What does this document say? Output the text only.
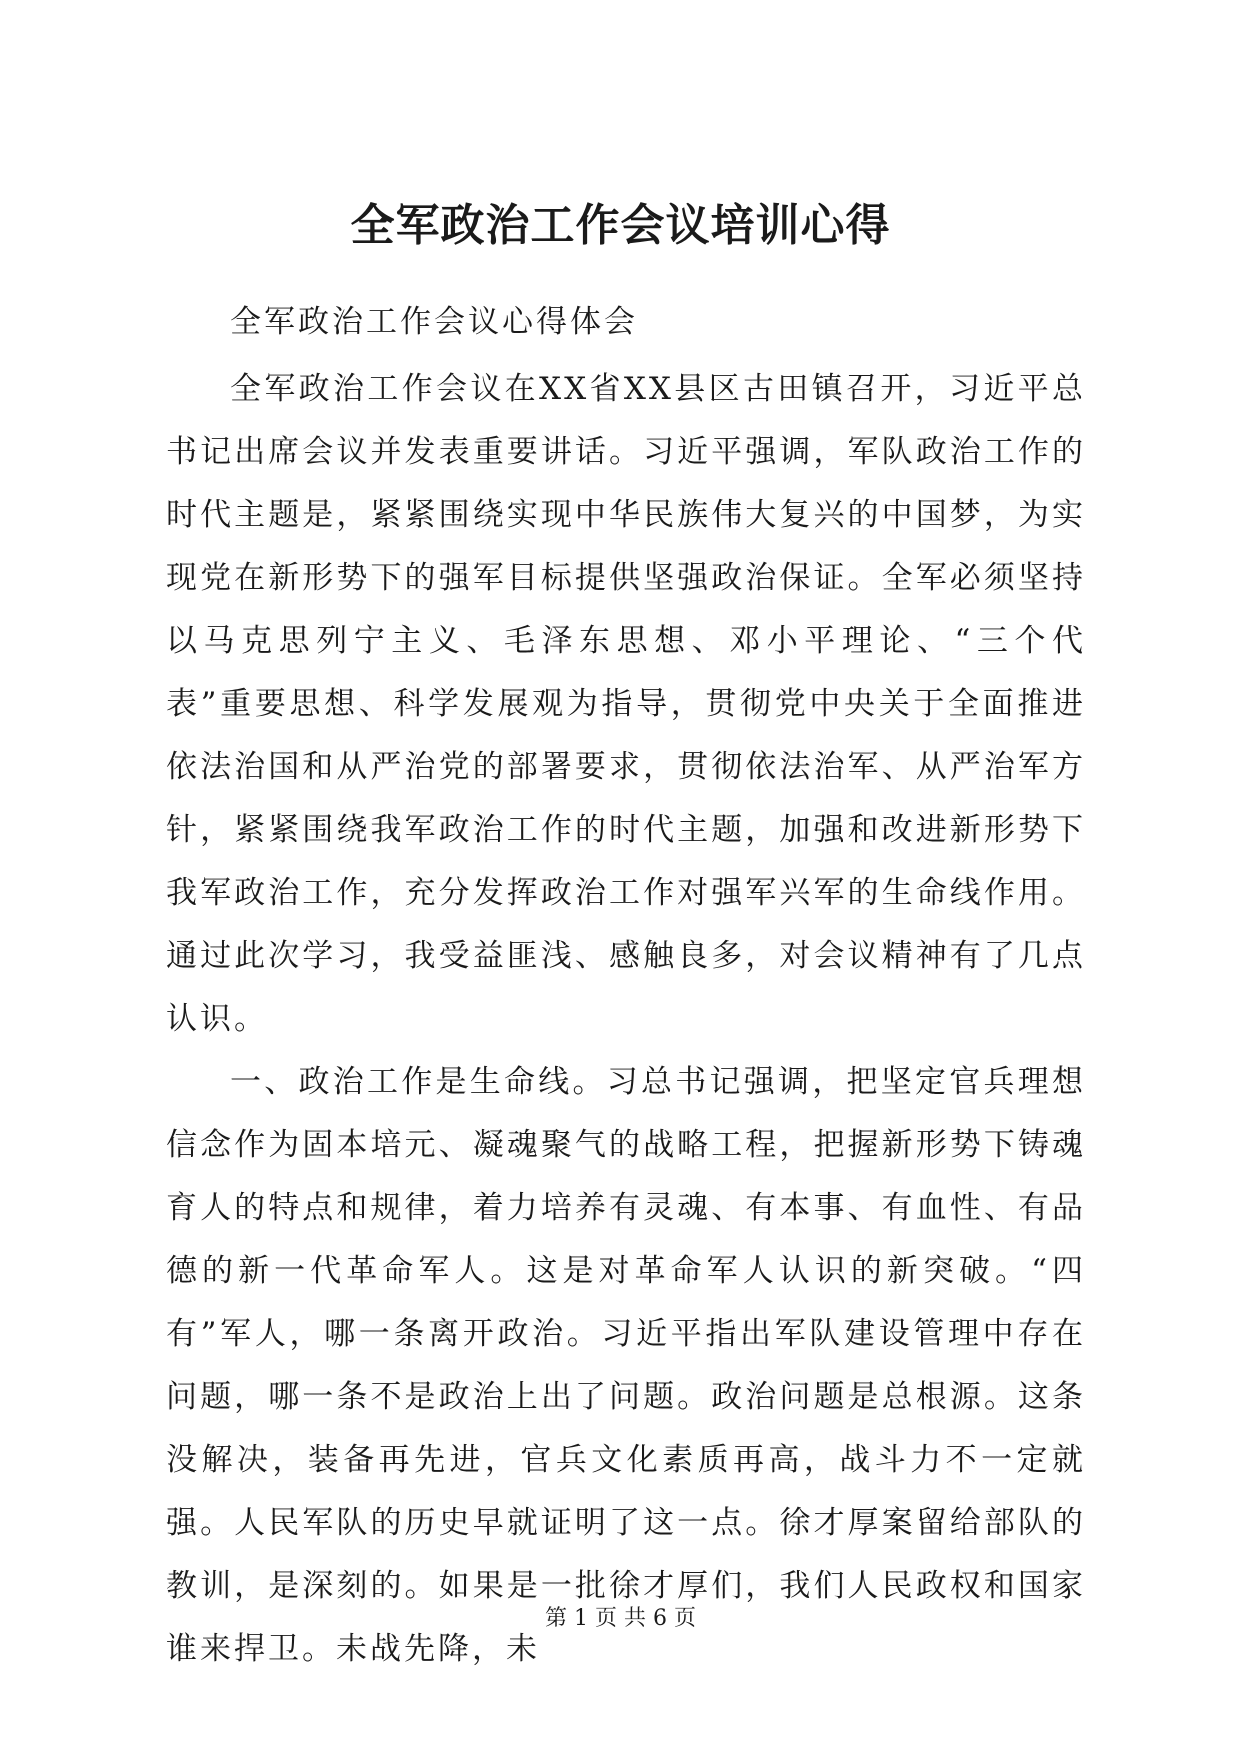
全军政治工作会议培训心得

全军政治工作会议心得体会

全军政治工作会议在XX省XX县区古田镇召开，习近平总书记出席会议并发表重要讲话。习近平强调，军队政治工作的时代主题是，紧紧围绕实现中华民族伟大复兴的中国梦，为实现党在新形势下的强军目标提供坚强政治保证。全军必须坚持以马克思列宁主义、毛泽东思想、邓小平理论、“三个代表”重要思想、科学发展观为指导，贯彻党中央关于全面推进依法治国和从严治党的部署要求，贯彻依法治军、从严治军方针，紧紧围绕我军政治工作的时代主题，加强和改进新形势下我军政治工作，充分发挥政治工作对强军兴军的生命线作用。通过此次学习，我受益匪浅、感触良多，对会议精神有了几点认识。

一、政治工作是生命线。习总书记强调，把坚定官兵理想信念作为固本培元、凝魂聚气的战略工程，把握新形势下铸魂育人的特点和规律，着力培养有灵魂、有本事、有血性、有品德的新一代革命军人。这是对革命军人认识的新突破。“四有”军人，哪一条离开政治。习近平指出军队建设管理中存在问题，哪一条不是政治上出了问题。政治问题是总根源。这条没解决，装备再先进，官兵文化素质再高，战斗力不一定就强。人民军队的历史早就证明了这一点。徐才厚案留给部队的教训，是深刻的。如果是一批徐才厚们，我们人民政权和国家谁来捍卫。未战先降，未

第 1 页 共 6 页
